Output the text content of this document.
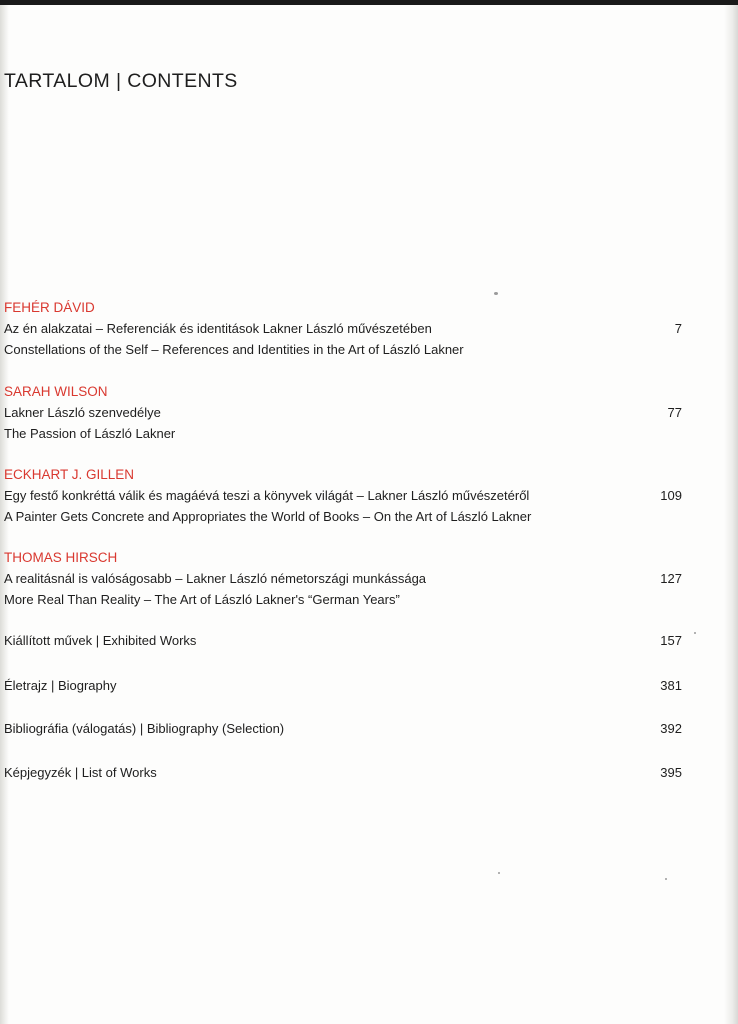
TARTALOM | CONTENTS
FEHÉR DÁVID
Az én alakzatai – Referenciák és identitások Lakner László művészetében	7
Constellations of the Self – References and Identities in the Art of László Lakner
SARAH WILSON
Lakner László szenvedélye	77
The Passion of László Lakner
ECKHART J. GILLEN
Egy festő konkréttá válik és magáévá teszi a könyvek világát – Lakner László művészetéről	109
A Painter Gets Concrete and Appropriates the World of Books – On the Art of László Lakner
THOMAS HIRSCH
A realitásnál is valóságosabb – Lakner László németországi munkássága	127
More Real Than Reality – The Art of László Lakner's “German Years”
Kiállított művek | Exhibited Works	157
Életrajz | Biography	381
Bibliográfia (válogatás) | Bibliography (Selection)	392
Képjegyzék | List of Works	395
